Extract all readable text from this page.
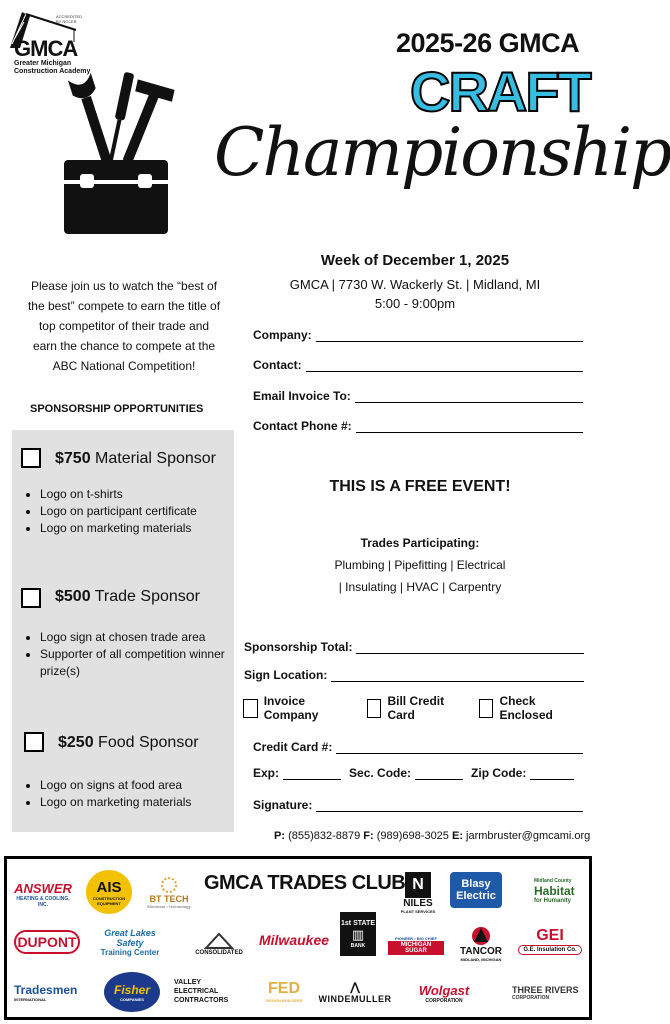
ACCREDITED
BY NCCER
GMCA
Greater Michigan
Construction Academy
2025-26 GMCA
CRAFT
Championship
Please join us to watch the “best of the best” compete to earn the title of top competitor of their trade and earn the chance to compete at the ABC National Competition!
SPONSORSHIP OPPORTUNITIES
$750 Material Sponsor
• Logo on t-shirts
• Logo on participant certificate
• Logo on marketing materials
$500 Trade Sponsor
• Logo sign at chosen trade area
• Supporter of all competition winner prize(s)
$250 Food Sponsor
• Logo on signs at food area
• Logo on marketing materials
Week of December 1, 2025
GMCA | 7730 W. Wackerly St. | Midland, MI
5:00 - 9:00pm
Company:
Contact:
Email Invoice To:
Contact Phone #:
THIS IS A FREE EVENT!
Trades Participating:
Plumbing | Pipefitting | Electrical
| Insulating | HVAC | Carpentry
Sponsorship Total:
Sign Location:
Invoice Company
Bill Credit Card
Check Enclosed
Credit Card #:
Exp:	Sec. Code:	Zip Code:
Signature:
P: (855)832-8879 F: (989)698-3025 E: jarmbruster@gmcami.org
GMCA TRADES CLUB
ANSWER
HEATING & COOLING, INC.
AIS
CONSTRUCTION EQUIPMENT	BT TECH
Electrical • Technology
N
NILES
PLANT SERVICES
Blasy Electric
Midland County
Habitat
for Humanity
DUPONT
Great Lakes Safety
Training Center	CONSOLIDATED
Milwaukee
1st STATE
▥
BANK
PIONEER • BIG CHIEF
MICHIGAN SUGAR	TANCOR
MIDLAND, MICHIGAN
GEI
G.E. Insulation Co.
Tradesmen
INTERNATIONAL
Fisher
COMPANIES
VALLEY
ELECTRICAL
CONTRACTORS
FED
DESIGN BUILDERS
⋀
WINDEMULLER
Wolgast
CORPORATION
THREE RIVERS
CORPORATION
